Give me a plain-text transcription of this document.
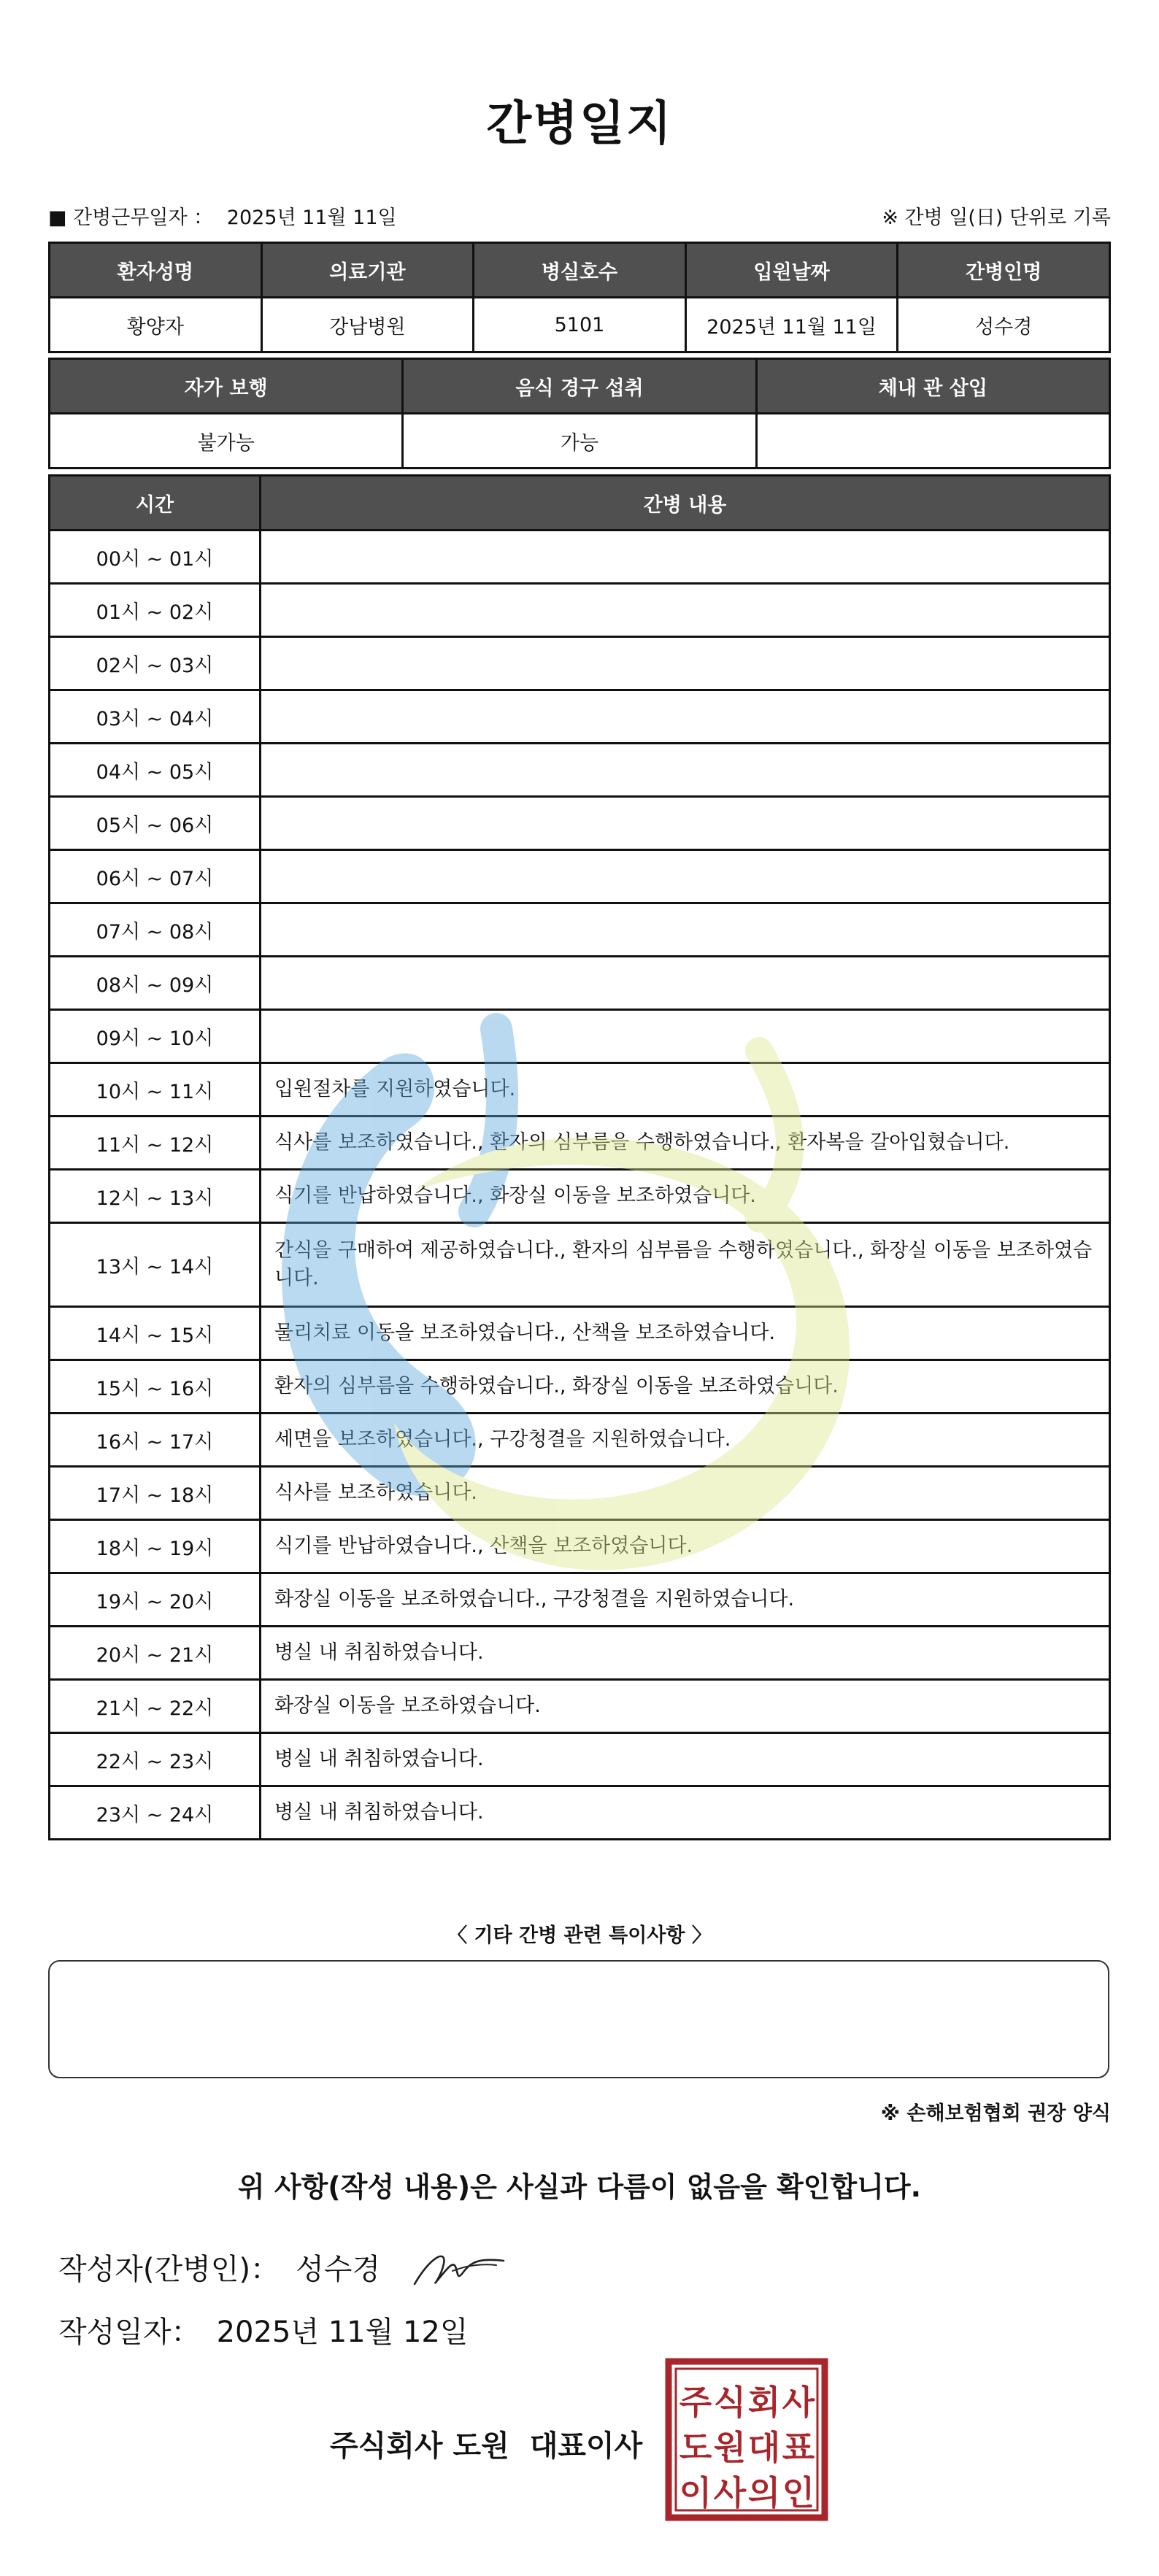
간병일지
■ 간병근무일자 ： 2025년 11월 11일	※ 간병 일(日) 단위로 기록
환자성명	의료기관	병실호수	입원날짜	간병인명
황양자	강남병원	5101	2025년 11월 11일	성수경
자가 보행	음식 경구 섭취	체내 관 삽입
불가능	가능	
시간	간병 내용
00시 ~ 01시	
01시 ~ 02시	
02시 ~ 03시	
03시 ~ 04시	
04시 ~ 05시	
05시 ~ 06시	
06시 ~ 07시	
07시 ~ 08시	
08시 ~ 09시	
09시 ~ 10시	
10시 ~ 11시	입원절차를 지원하였습니다.
11시 ~ 12시	식사를 보조하였습니다., 환자의 심부름을 수행하였습니다., 환자복을 갈아입혔습니다.
12시 ~ 13시	식기를 반납하였습니다., 화장실 이동을 보조하였습니다.
13시 ~ 14시	간식을 구매하여 제공하였습니다., 환자의 심부름을 수행하였습니다., 화장실 이동을 보조하였습니다.
14시 ~ 15시	물리치료 이동을 보조하였습니다., 산책을 보조하였습니다.
15시 ~ 16시	환자의 심부름을 수행하였습니다., 화장실 이동을 보조하였습니다.
16시 ~ 17시	세면을 보조하였습니다., 구강청결을 지원하였습니다.
17시 ~ 18시	식사를 보조하였습니다.
18시 ~ 19시	식기를 반납하였습니다., 산책을 보조하였습니다.
19시 ~ 20시	화장실 이동을 보조하였습니다., 구강청결을 지원하였습니다.
20시 ~ 21시	병실 내 취침하였습니다.
21시 ~ 22시	화장실 이동을 보조하였습니다.
22시 ~ 23시	병실 내 취침하였습니다.
23시 ~ 24시	병실 내 취침하였습니다.
〈 기타 간병 관련 특이사항 〉
※ 손해보험협회 권장 양식
위 사항(작성 내용)은 사실과 다름이 없음을 확인합니다.
작성자(간병인)： 성수경
작성일자： 2025년 11월 12일
주식회사 도원 대표이사
주 식 회 사
도 원 대 표
이 사 의 인
